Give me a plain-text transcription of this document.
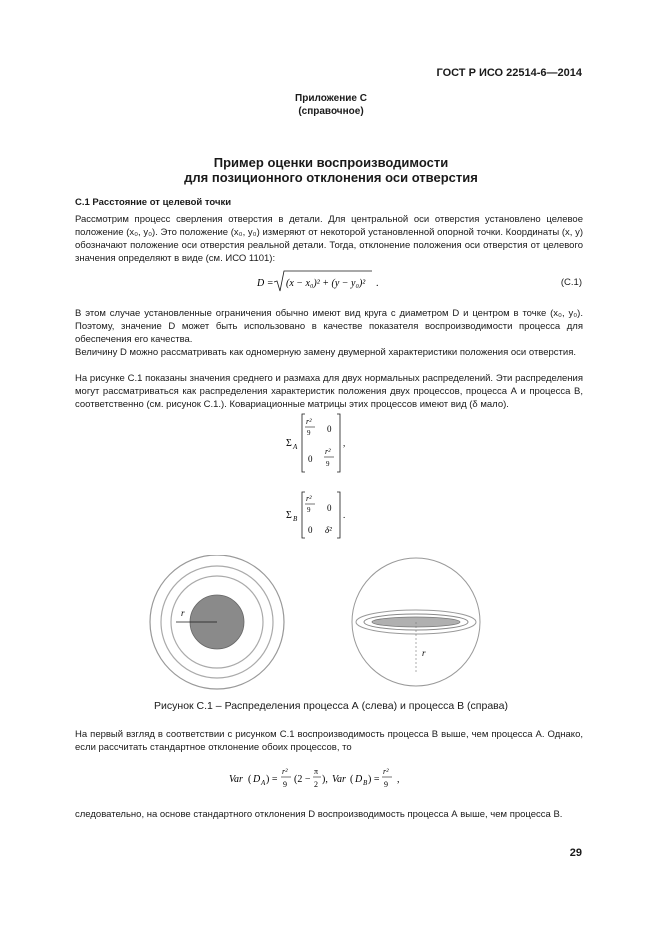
ГОСТ Р ИСО 22514-6—2014
Приложение С
(справочное)
Пример оценки воспроизводимости
для позиционного отклонения оси отверстия
С.1 Расстояние от целевой точки

Рассмотрим процесс сверления отверстия в детали. Для центральной оси отверстия установлено целевое положение (x₀, y₀). Это положение (x₀, y₀) измеряют от некоторой установленной опорной точки. Координаты (x, y) обозначают положение оси отверстия реальной детали. Тогда, отклонение положения оси отверстия от целевого значения определяют в виде (см. ИСО 1101):

D = (x − x₀)² + (y − y₀)² .	(С.1)

В этом случае установленные ограничения обычно имеют вид круга с диаметром D и центром в точке (x₀, y₀). Поэтому, значение D может быть использовано в качестве показателя воспроизводимости процесса для обеспечения его качества.

Величину D можно рассматривать как одномерную замену двумерной характеристики положения оси отверстия.

На рисунке С.1 показаны значения среднего и размаха для двух нормальных распределений. Эти распределения могут рассматриваться как распределения характеристик положения двух процессов, процесса А и процесса В, соответственно (см. рисунок С.1.). Ковариационные матрицы этих процессов имеют вид (δ мало).

Σ A
r²
9 0
0
r²
9
,
Σ B
r²
9 0
0 δ²
.
r
r
Рисунок С.1 – Распределения процесса А (слева) и процесса В (справа)

На первый взгляд в соответствии с рисунком С.1 воспроизводимость процесса В выше, чем процесса А. Однако, если рассчитать стандартное отклонение обоих процессов, то

Var ( D A ) =
r²
9 (2 −
π
2 ), Var ( D B ) =
r²
9 ,

следовательно, на основе стандартного отклонения D воспроизводимость процесса А выше, чем процесса В.

29
